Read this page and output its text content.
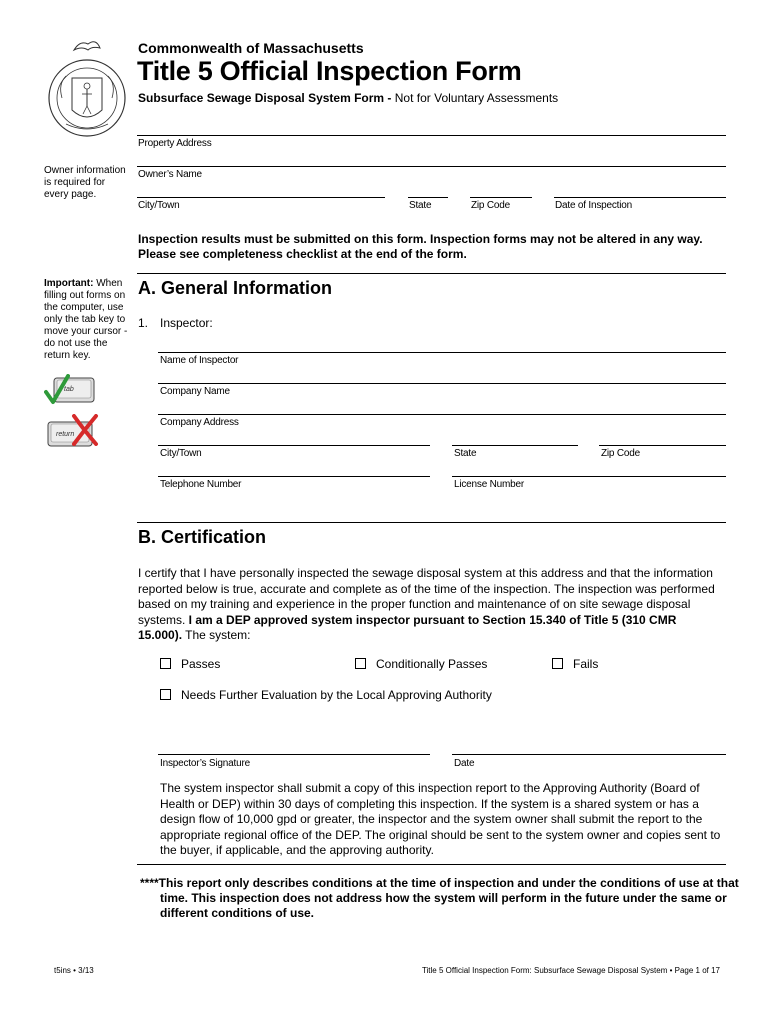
Commonwealth of Massachusetts
Title 5 Official Inspection Form
Subsurface Sewage Disposal System Form - Not for Voluntary Assessments
Property Address
Owner’s Name
City/Town	State	Zip Code	Date of Inspection
Owner information is required for every page.
Important: When filling out forms on the computer, use only the tab key to move your cursor - do not use the return key.
tab
return
Inspection results must be submitted on this form. Inspection forms may not be altered in any way. Please see completeness checklist at the end of the form.
A. General Information
1. Inspector:
Name of Inspector
Company Name
Company Address
City/Town	State	Zip Code
Telephone Number	License Number
B. Certification
I certify that I have personally inspected the sewage disposal system at this address and that the information reported below is true, accurate and complete as of the time of the inspection. The inspection was performed based on my training and experience in the proper function and maintenance of on site sewage disposal systems. I am a DEP approved system inspector pursuant to Section 15.340 of Title 5 (310 CMR 15.000). The system:
Passes	Conditionally Passes	Fails
Needs Further Evaluation by the Local Approving Authority
Inspector’s Signature	Date
The system inspector shall submit a copy of this inspection report to the Approving Authority (Board of Health or DEP) within 30 days of completing this inspection. If the system is a shared system or has a design flow of 10,000 gpd or greater, the inspector and the system owner shall submit the report to the appropriate regional office of the DEP. The original should be sent to the system owner and copies sent to the buyer, if applicable, and the approving authority.
****This report only describes conditions at the time of inspection and under the conditions of use at that time. This inspection does not address how the system will perform in the future under the same or different conditions of use.
t5ins • 3/13	Title 5 Official Inspection Form: Subsurface Sewage Disposal System • Page 1 of 17
